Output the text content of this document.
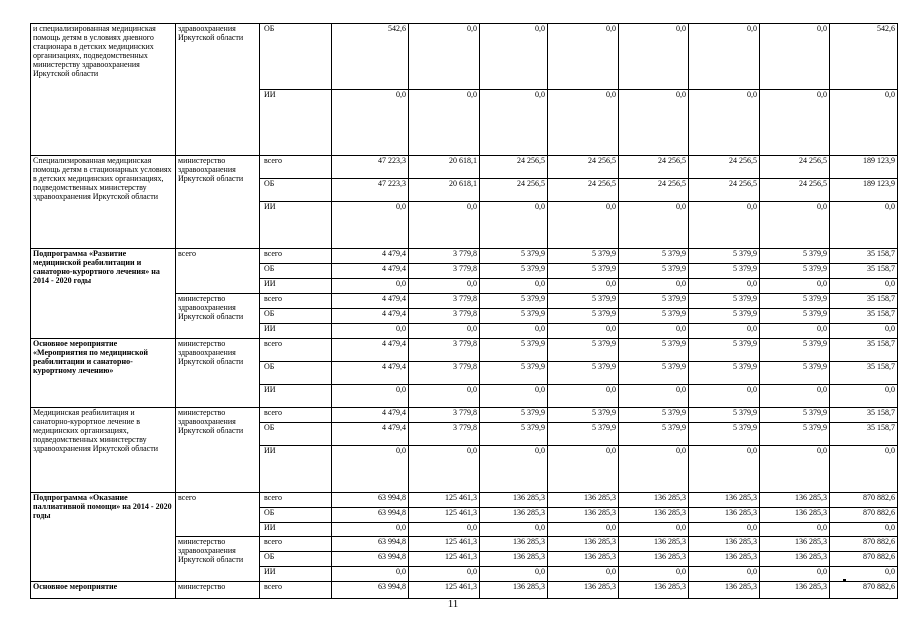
и специализированная медицинская помощь детям в условиях дневного стационара в детских медицинских организациях, подведомственных министерству здравоохранения Иркутской области	здравоохранения Иркутской области	ОБ	542,6	0,0	0,0	0,0	0,0	0,0	0,0	542,6
		ИИ	0,0	0,0	0,0	0,0	0,0	0,0	0,0	0,0
Специализированная медицинская помощь детям в стационарных условиях в детских медицинских организациях, подведомственных министерству здравоохранения Иркутской области	министерство здравоохранения Иркутской области	всего	47 223,3	20 618,1	24 256,5	24 256,5	24 256,5	24 256,5	24 256,5	189 123,9
		ОБ	47 223,3	20 618,1	24 256,5	24 256,5	24 256,5	24 256,5	24 256,5	189 123,9
		ИИ	0,0	0,0	0,0	0,0	0,0	0,0	0,0	0,0
Подпрограмма «Развитие медицинской реабилитации и санаторно-курортного лечения» на 2014 - 2020 годы	всего	всего	4 479,4	3 779,8	5 379,9	5 379,9	5 379,9	5 379,9	5 379,9	35 158,7
		ОБ	4 479,4	3 779,8	5 379,9	5 379,9	5 379,9	5 379,9	5 379,9	35 158,7
		ИИ	0,0	0,0	0,0	0,0	0,0	0,0	0,0	0,0
	министерство здравоохранения Иркутской области	всего	4 479,4	3 779,8	5 379,9	5 379,9	5 379,9	5 379,9	5 379,9	35 158,7
		ОБ	4 479,4	3 779,8	5 379,9	5 379,9	5 379,9	5 379,9	5 379,9	35 158,7
		ИИ	0,0	0,0	0,0	0,0	0,0	0,0	0,0	0,0
Основное мероприятие «Мероприятия по медицинской реабилитации и санаторно-курортному лечению»	министерство здравоохранения Иркутской области	всего	4 479,4	3 779,8	5 379,9	5 379,9	5 379,9	5 379,9	5 379,9	35 158,7
		ОБ	4 479,4	3 779,8	5 379,9	5 379,9	5 379,9	5 379,9	5 379,9	35 158,7
		ИИ	0,0	0,0	0,0	0,0	0,0	0,0	0,0	0,0
Медицинская реабилитация и санаторно-курортное лечение в медицинских организациях, подведомственных министерству здравоохранения Иркутской области	министерство здравоохранения Иркутской области	всего	4 479,4	3 779,8	5 379,9	5 379,9	5 379,9	5 379,9	5 379,9	35 158,7
		ОБ	4 479,4	3 779,8	5 379,9	5 379,9	5 379,9	5 379,9	5 379,9	35 158,7
		ИИ	0,0	0,0	0,0	0,0	0,0	0,0	0,0	0,0
Подпрограмма «Оказание паллиативной помощи» на 2014 - 2020 годы	всего	всего	63 994,8	125 461,3	136 285,3	136 285,3	136 285,3	136 285,3	136 285,3	870 882,6
		ОБ	63 994,8	125 461,3	136 285,3	136 285,3	136 285,3	136 285,3	136 285,3	870 882,6
		ИИ	0,0	0,0	0,0	0,0	0,0	0,0	0,0	0,0
	министерство здравоохранения Иркутской области	всего	63 994,8	125 461,3	136 285,3	136 285,3	136 285,3	136 285,3	136 285,3	870 882,6
		ОБ	63 994,8	125 461,3	136 285,3	136 285,3	136 285,3	136 285,3	136 285,3	870 882,6
		ИИ	0,0	0,0	0,0	0,0	0,0	0,0	0,0	0,0
Основное мероприятие	министерство	всего	63 994,8	125 461,3	136 285,3	136 285,3	136 285,3	136 285,3	136 285,3	870 882,6
11
